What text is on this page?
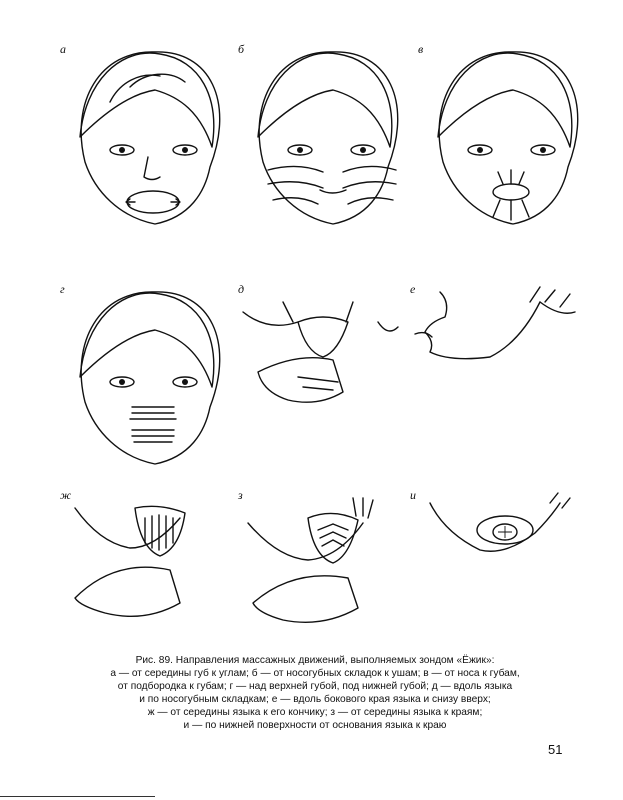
а	б	в
г	д	е
ж	з	и
Рис. 89. Направления массажных движений, выполняемых зондом «Ёжик»:
а — от середины губ к углам; б — от носогубных складок к ушам; в — от носа к губам,
от подбородка к губам; г — над верхней губой, под нижней губой; д — вдоль языка
и по носогубным складкам; е — вдоль бокового края языка и снизу вверх;
ж — от середины языка к его кончику; з — от середины языка к краям;
и — по нижней поверхности от основания языка к краю
51
